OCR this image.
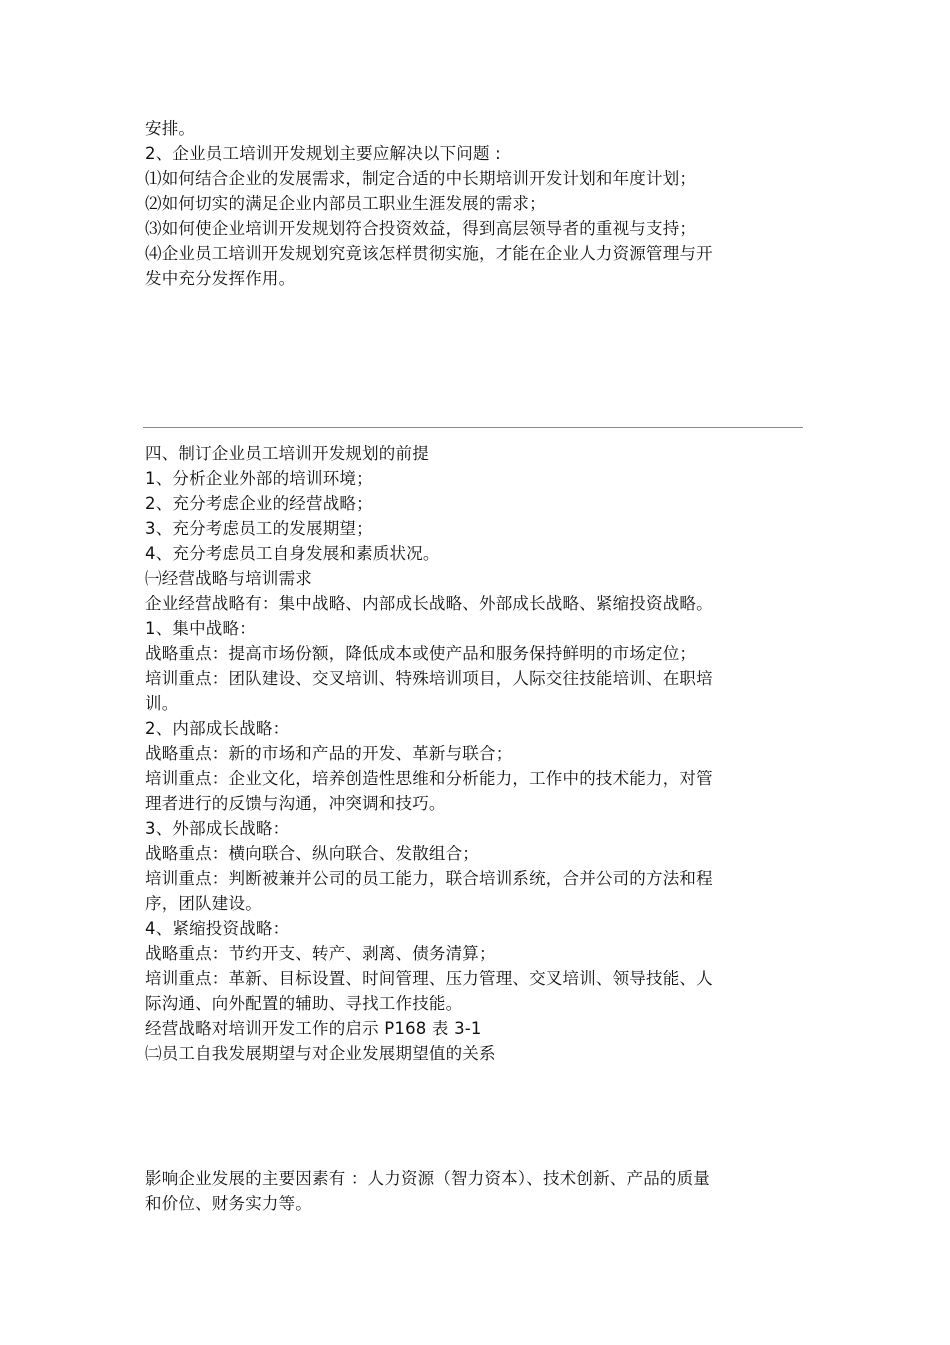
安排。
2、企业员工培训开发规划主要应解决以下问题 :
⑴如何结合企业的发展需求，制定合适的中长期培训开发计划和年度计划；
⑵如何切实的满足企业内部员工职业生涯发展的需求；
⑶如何使企业培训开发规划符合投资效益，得到高层领导者的重视与支持；
⑷企业员工培训开发规划究竟该怎样贯彻实施，才能在企业人力资源管理与开
发中充分发挥作用。
四、制订企业员工培训开发规划的前提
1、分析企业外部的培训环境；
2、充分考虑企业的经营战略；
3、充分考虑员工的发展期望；
4、充分考虑员工自身发展和素质状况。
㈠经营战略与培训需求
企业经营战略有：集中战略、内部成长战略、外部成长战略、紧缩投资战略。
1、集中战略：
战略重点：提高市场份额，降低成本或使产品和服务保持鲜明的市场定位；
培训重点：团队建设、交叉培训、特殊培训项目，人际交往技能培训、在职培
训。
2、内部成长战略：
战略重点：新的市场和产品的开发、革新与联合；
培训重点：企业文化，培养创造性思维和分析能力，工作中的技术能力，对管
理者进行的反馈与沟通，冲突调和技巧。
3、外部成长战略：
战略重点：横向联合、纵向联合、发散组合；
培训重点：判断被兼并公司的员工能力，联合培训系统，合并公司的方法和程
序，团队建设。
4、紧缩投资战略：
战略重点：节约开支、转产、剥离、债务清算；
培训重点：革新、目标设置、时间管理、压力管理、交叉培训、领导技能、人
际沟通、向外配置的辅助、寻找工作技能。
经营战略对培训开发工作的启示 P168 表 3-1
㈡员工自我发展期望与对企业发展期望值的关系
影响企业发展的主要因素有 ：人力资源（智力资本）、技术创新、产品的质量
和价位、财务实力等。
